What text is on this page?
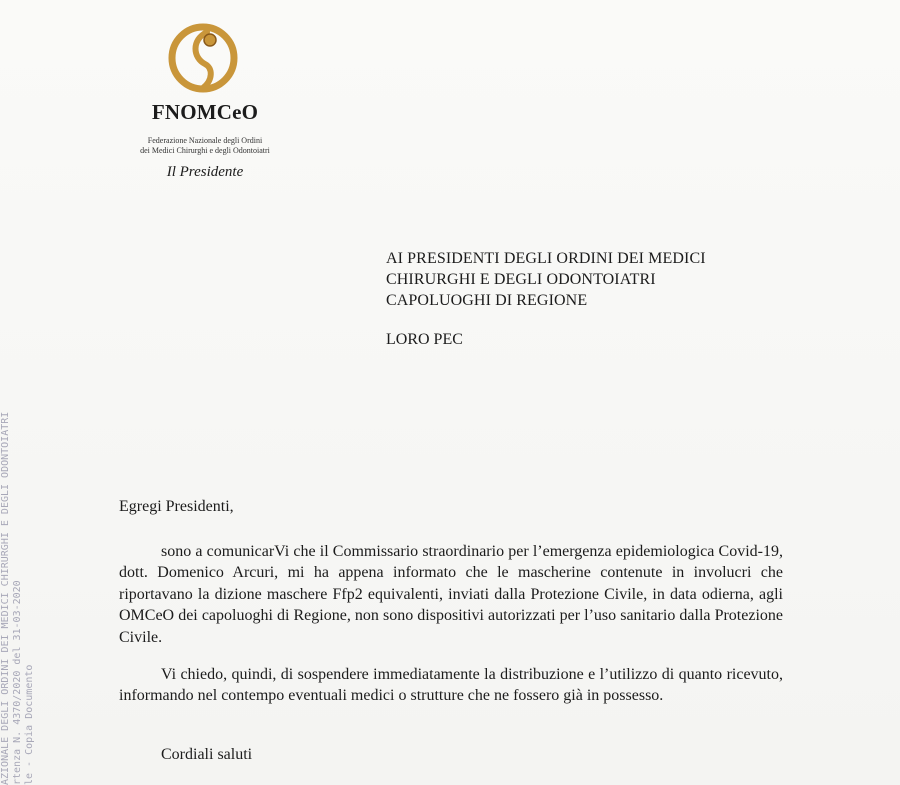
FNOMCeO
Federazione Nazionale degli Ordini
dei Medici Chirurghi e degli Odontoiatri
Il Presidente
AI PRESIDENTI DEGLI ORDINI DEI MEDICI
CHIRURGHI E DEGLI ODONTOIATRI
CAPOLUOGHI DI REGIONE
LORO PEC
Egregi Presidenti,
sono a comunicarVi che il Commissario straordinario per l’emergenza epidemiologica Covid-19, dott. Domenico Arcuri, mi ha appena informato che le mascherine contenute in involucri che riportavano la dizione maschere Ffp2 equivalenti, inviati dalla Protezione Civile, in data odierna, agli OMCeO dei capoluoghi di Regione, non sono dispositivi autorizzati per l’uso sanitario dalla Protezione Civile.
Vi chiedo, quindi, di sospendere immediatamente la distribuzione e l’utilizzo di quanto ricevuto, informando nel contempo eventuali medici o strutture che ne fossero già in possesso.
Cordiali saluti
AZIONALE DEGLI ORDINI DEI MEDICI CHIRURGHI E DEGLI ODONTOIATRI rtenza N. 4370/2020 del 31-03-2020 le - Copia Documento
